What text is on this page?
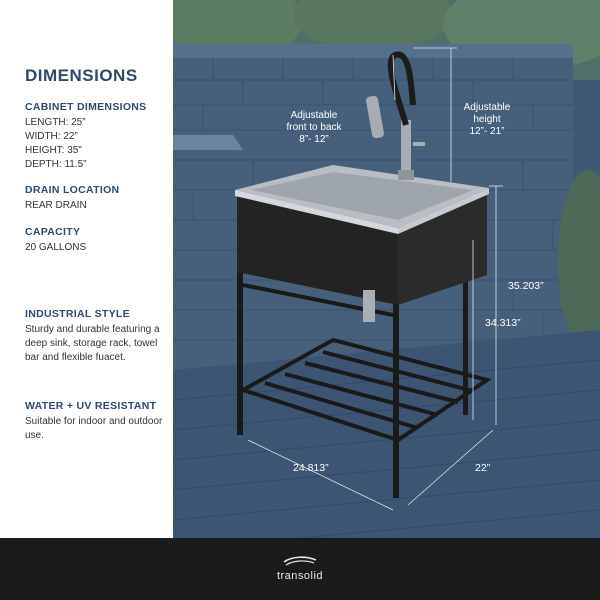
DIMENSIONS
CABINET DIMENSIONS
LENGTH: 25”
WIDTH: 22”
HEIGHT: 35”
DEPTH: 11.5”
DRAIN LOCATION
REAR DRAIN
CAPACITY
20 GALLONS
INDUSTRIAL STYLE
Sturdy and durable featuring a deep sink, storage rack, towel bar and flexible fuacet.
WATER + UV RESISTANT
Suitable for indoor and outdoor use.
Adjustable
front to back
8”- 12”
Adjustable
height
12”- 21”
35.203”
34.313”
24.813”	22”
transolid
